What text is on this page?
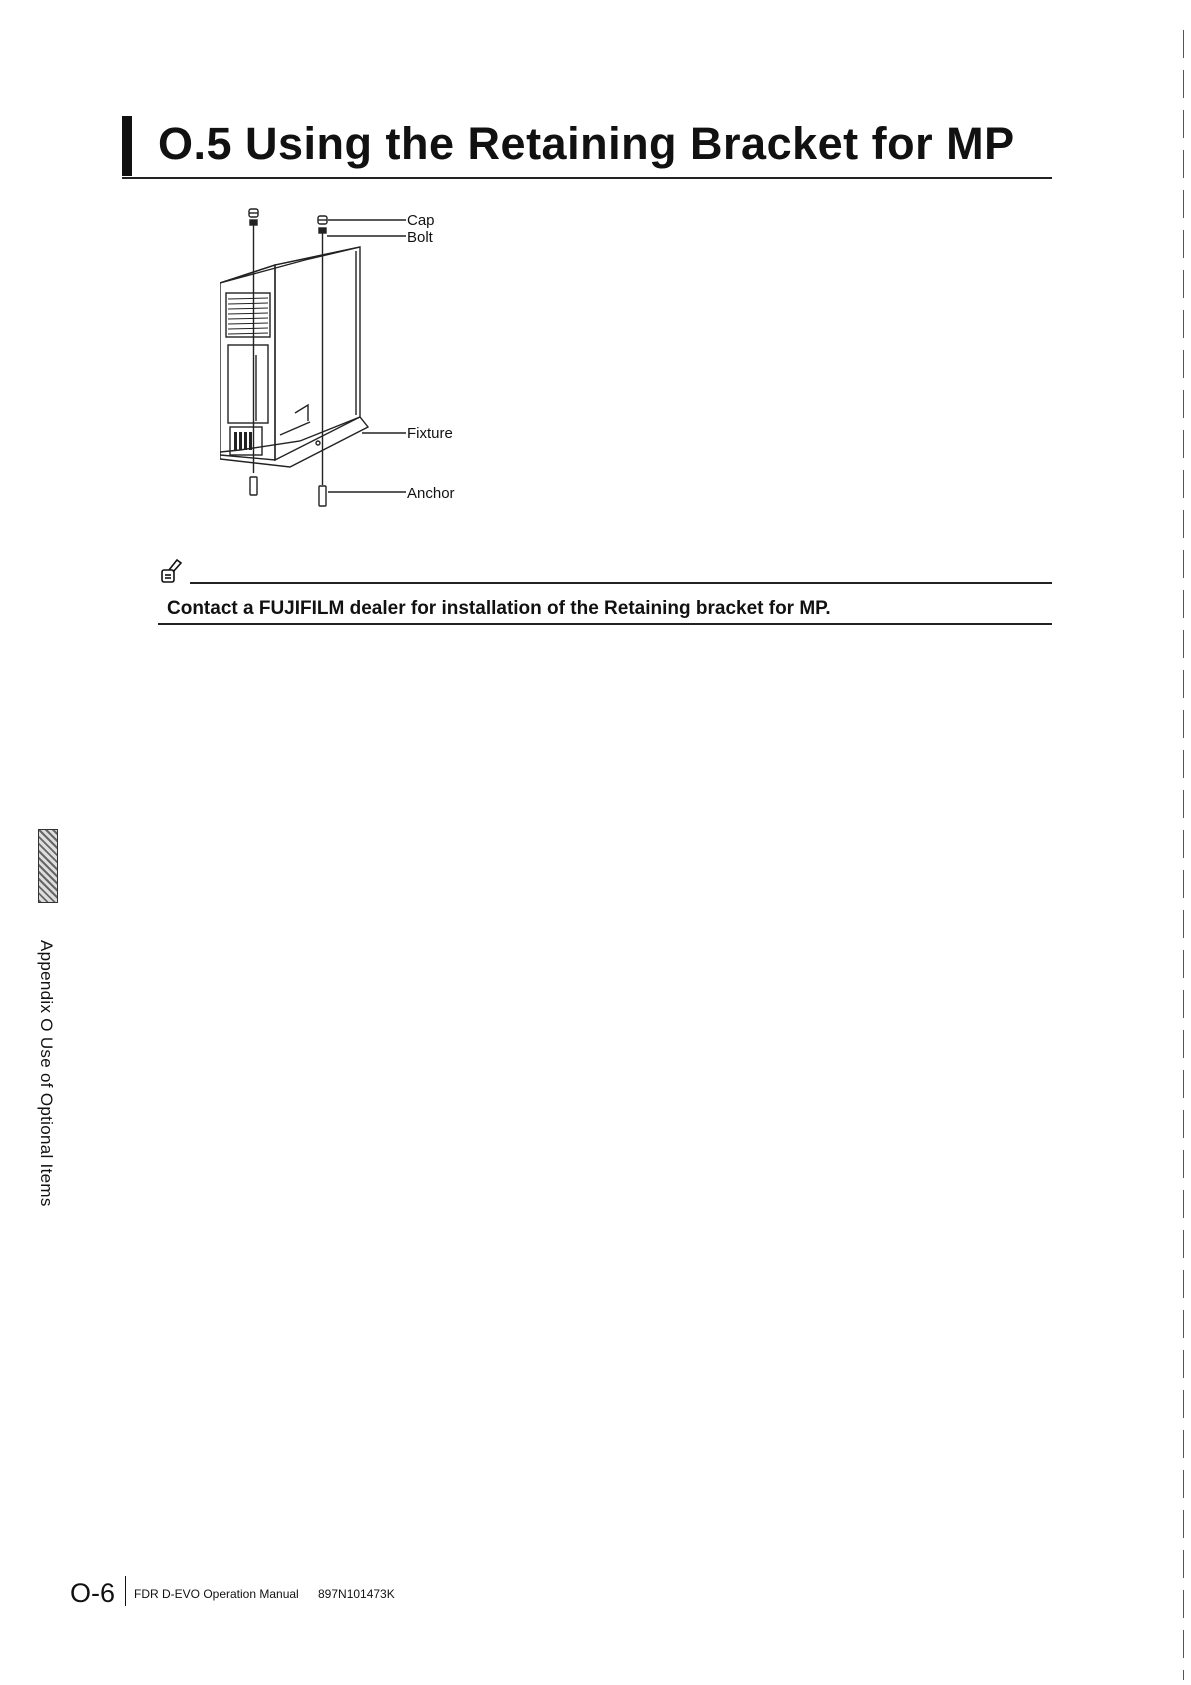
O.5 Using the Retaining Bracket for MP
Cap
Bolt
Fixture
Anchor

Contact a FUJIFILM dealer for installation of the Retaining bracket for MP.

Appendix O Use of Optional Items
O-6 FDR D-EVO Operation Manual 897N101473K
